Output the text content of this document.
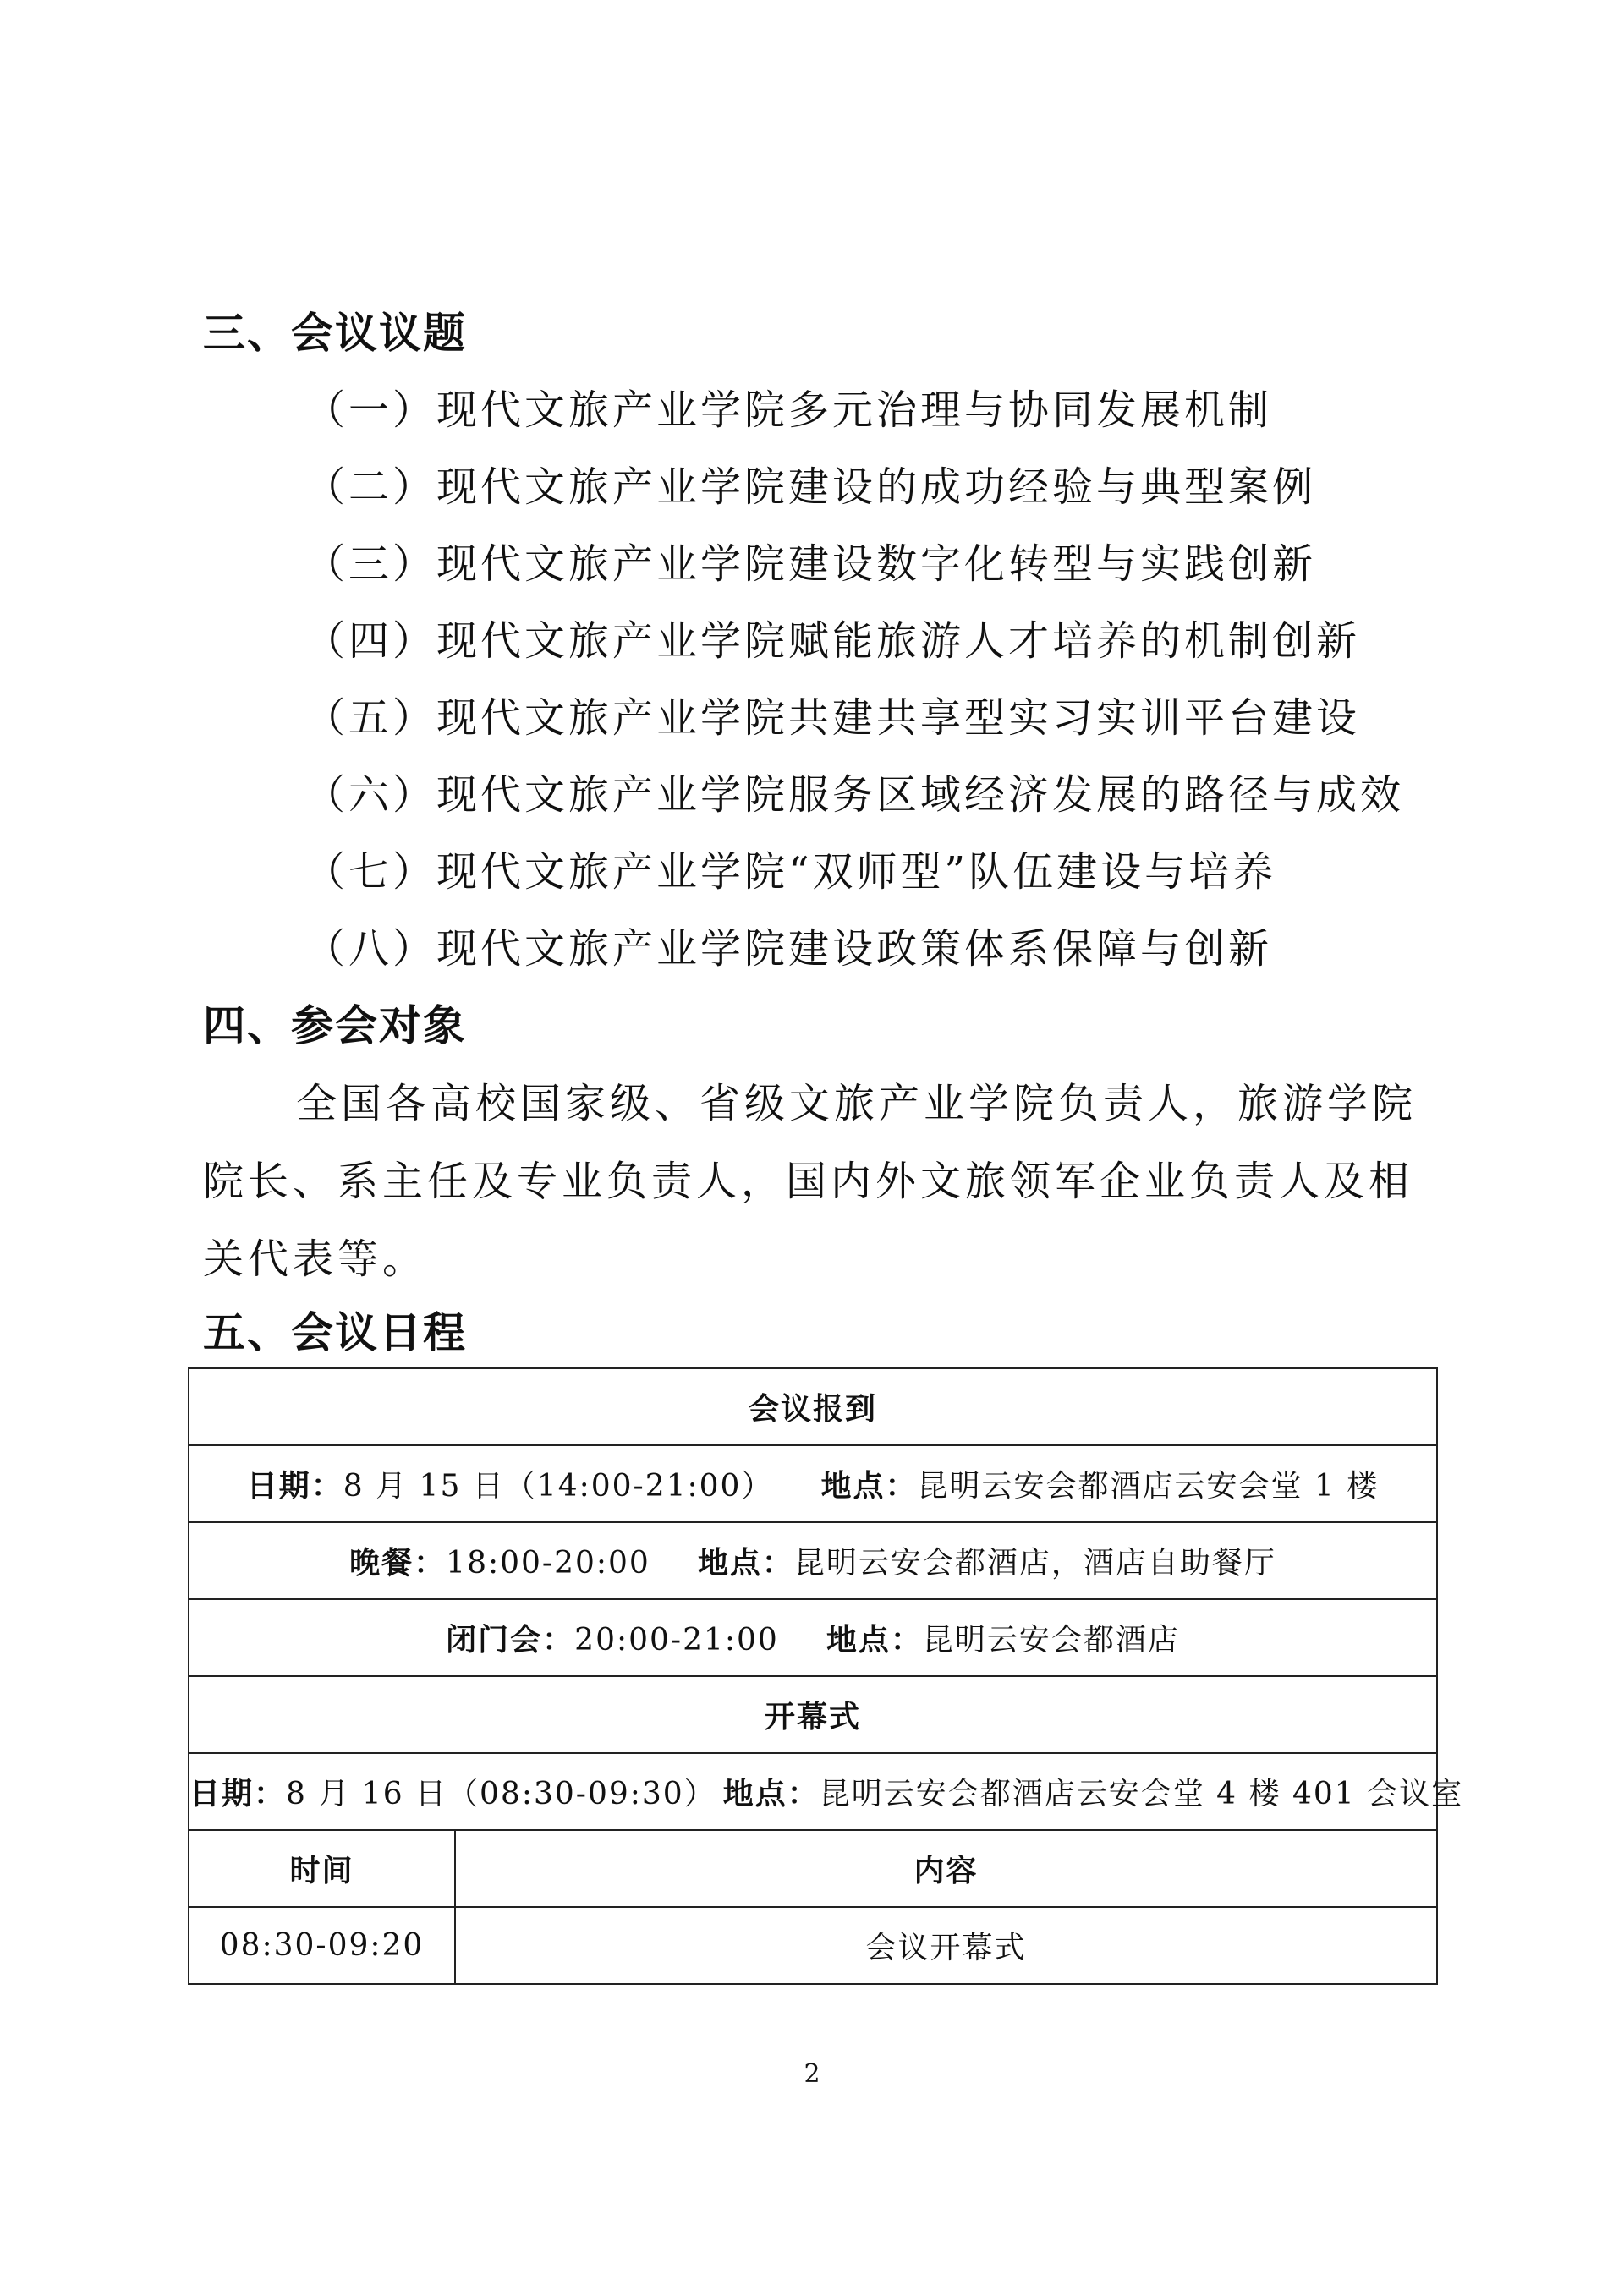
三、会议议题
（一）现代文旅产业学院多元治理与协同发展机制
（二）现代文旅产业学院建设的成功经验与典型案例
（三）现代文旅产业学院建设数字化转型与实践创新
（四）现代文旅产业学院赋能旅游人才培养的机制创新
（五）现代文旅产业学院共建共享型实习实训平台建设
（六）现代文旅产业学院服务区域经济发展的路径与成效
（七）现代文旅产业学院“双师型”队伍建设与培养
（八）现代文旅产业学院建设政策体系保障与创新
四、参会对象

全国各高校国家级、省级文旅产业学院负责人，旅游学院院长、系主任及专业负责人，国内外文旅领军企业负责人及相关代表等。

五、会议日程
会议报到	
日期：8 月 15 日（14:00-21:00） 地点：昆明云安会都酒店云安会堂 1 楼	
晚餐：18:00-20:00 地点：昆明云安会都酒店，酒店自助餐厅	
闭门会：20:00-21:00 地点：昆明云安会都酒店	
开幕式	
日期：8 月 16 日（08:30-09:30） 地点：昆明云安会都酒店云安会堂 4 楼 401 会议室	
时间	内容
08:30-09:20	会议开幕式
2
